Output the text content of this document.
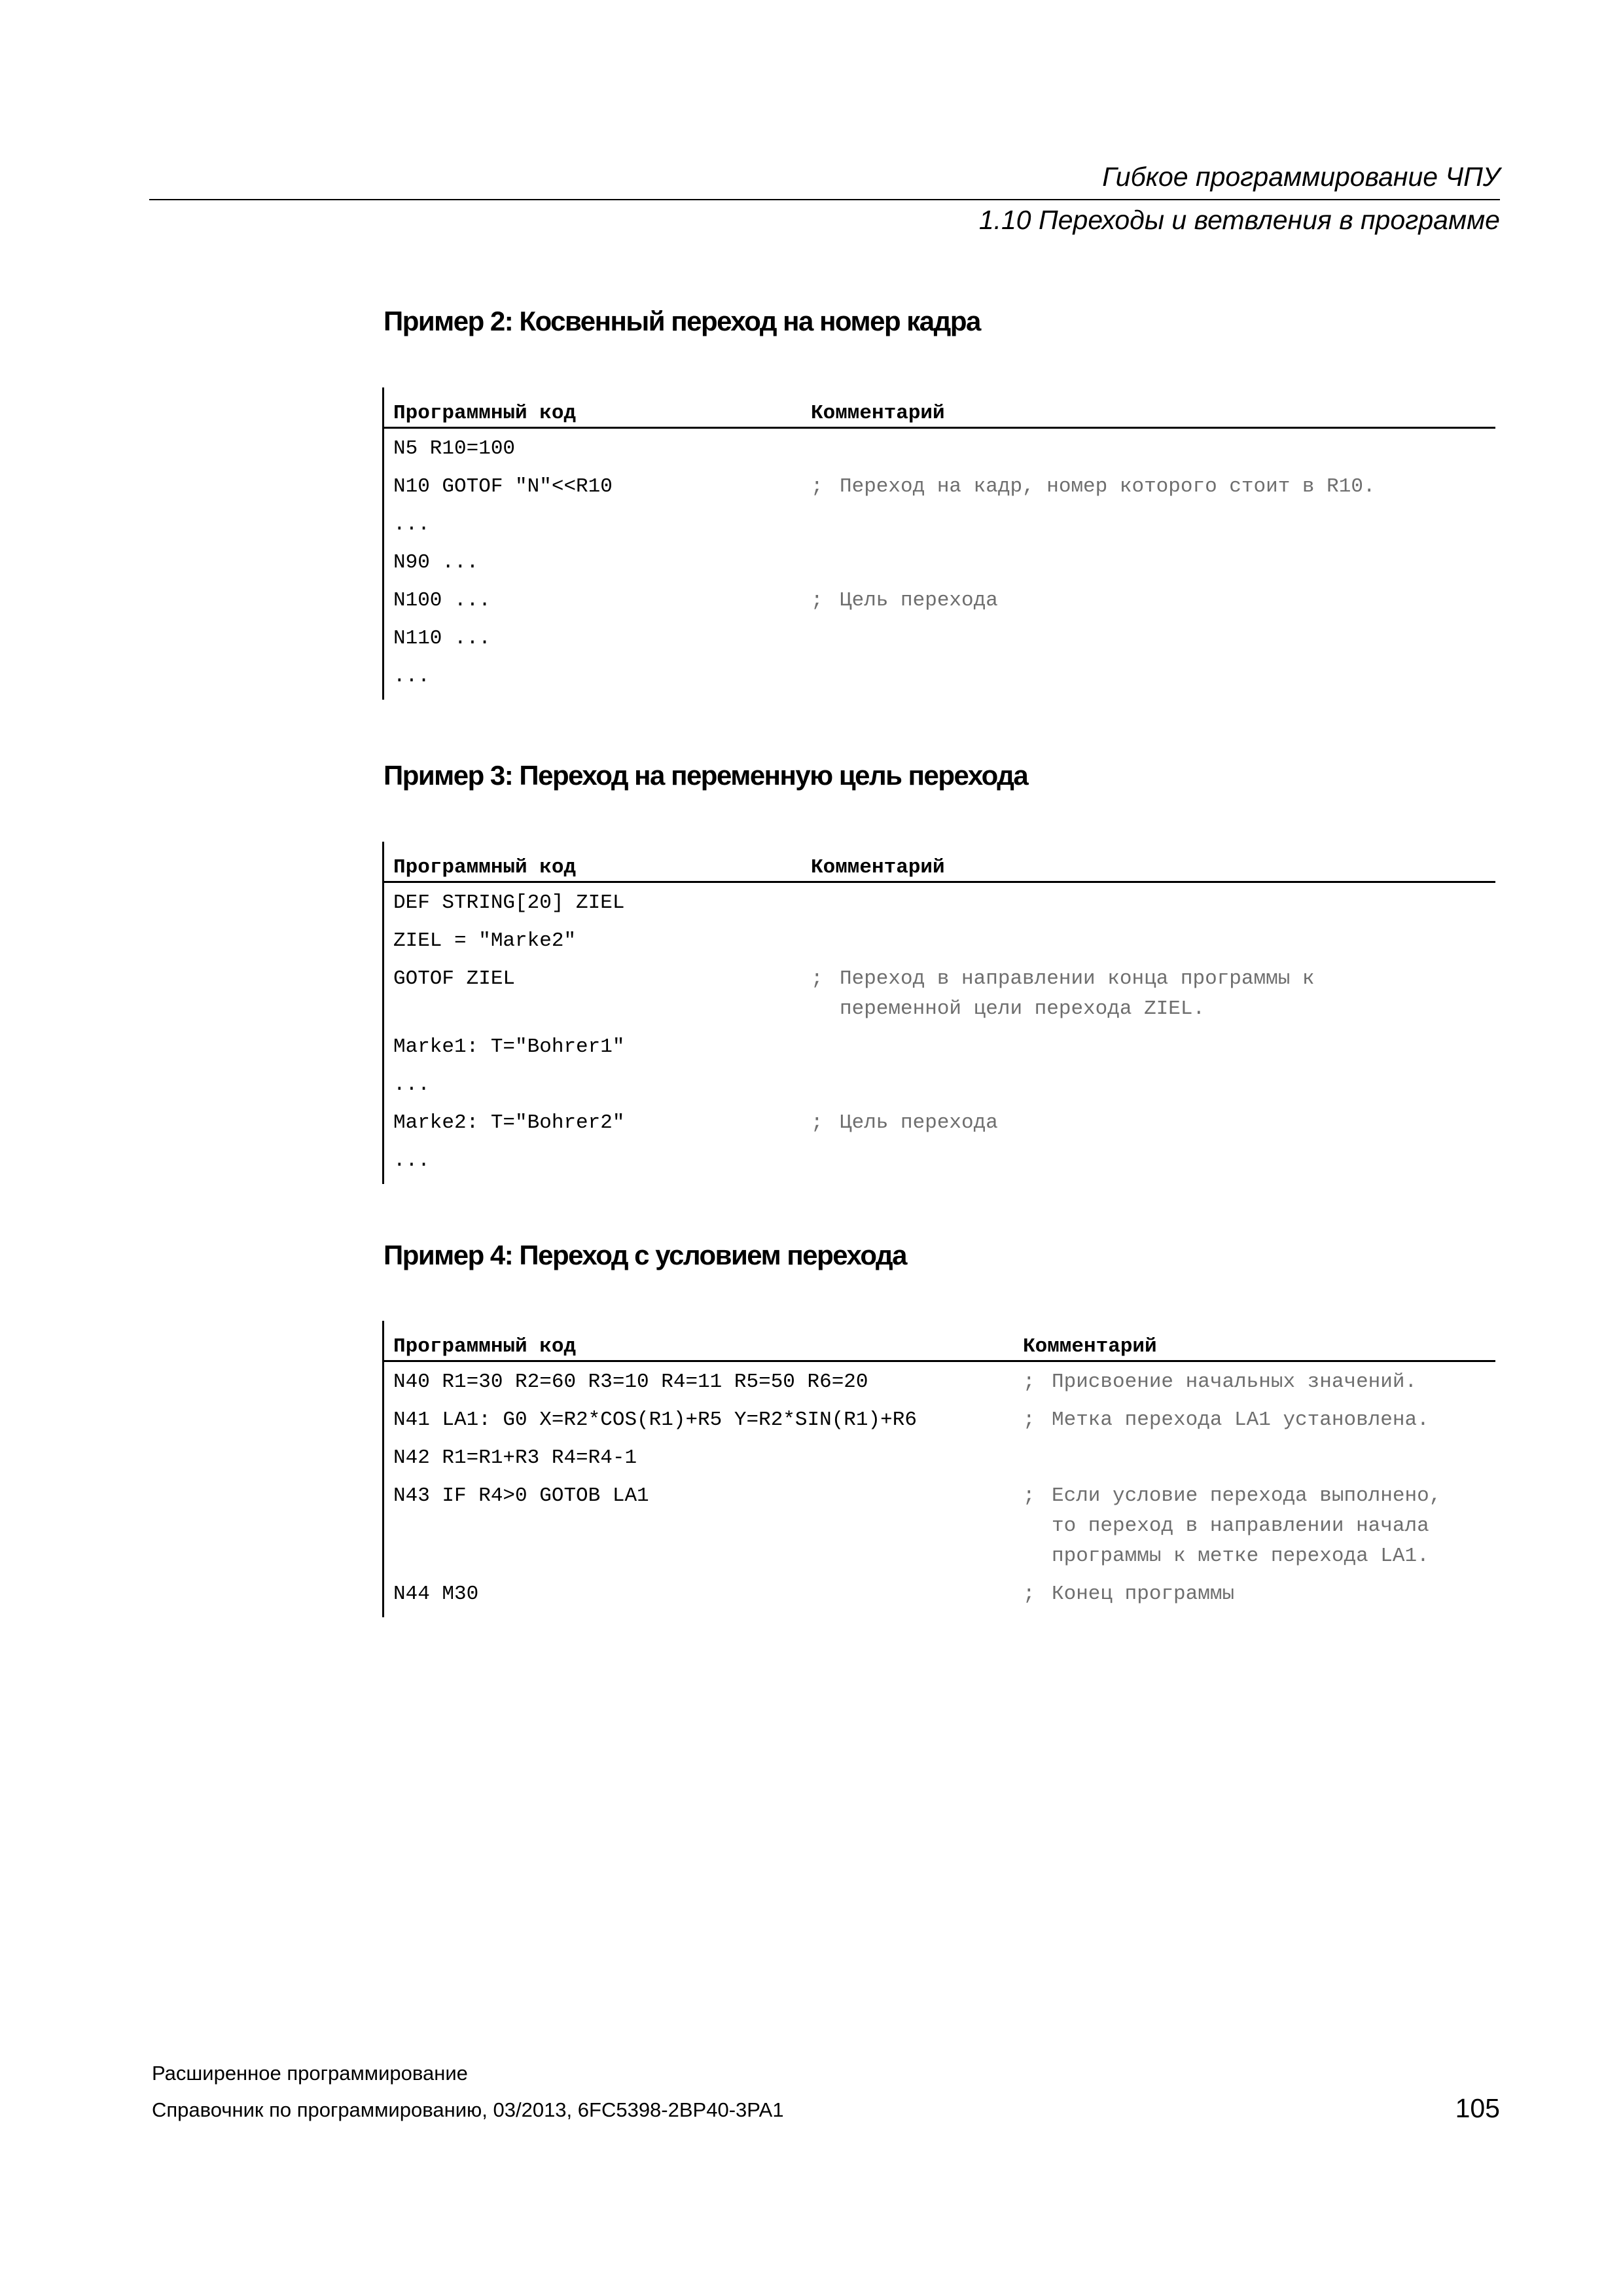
Гибкое программирование ЧПУ
1.10 Переходы и ветвления в программе
Пример 2: Косвенный переход на номер кадра
Программный код	Комментарий
N5 R10=100
N10 GOTOF "N"<<R10	; Переход на кадр, номер которого стоит в R10.
...
N90 ...
N100 ...	; Цель перехода
N110 ...
...
Пример 3: Переход на переменную цель перехода
Программный код	Комментарий
DEF STRING[20] ZIEL
ZIEL = "Marke2"
GOTOF ZIEL	; Переход в направлении конца программы к
переменной цели перехода ZIEL.
Marke1: T="Bohrer1"
...
Marke2: T="Bohrer2"	; Цель перехода
...
Пример 4: Переход с условием перехода
Программный код	Комментарий
N40 R1=30 R2=60 R3=10 R4=11 R5=50 R6=20	; Присвоение начальных значений.
N41 LA1: G0 X=R2*COS(R1)+R5 Y=R2*SIN(R1)+R6	; Метка перехода LA1 установлена.
N42 R1=R1+R3 R4=R4-1
N43 IF R4>0 GOTOB LA1	; Если условие перехода выполнено,
то переход в направлении начала
программы к метке перехода LA1.
N44 M30	; Конец программы
Расширенное программирование
Справочник по программированию, 03/2013, 6FC5398-2BP40-3PA1	105
